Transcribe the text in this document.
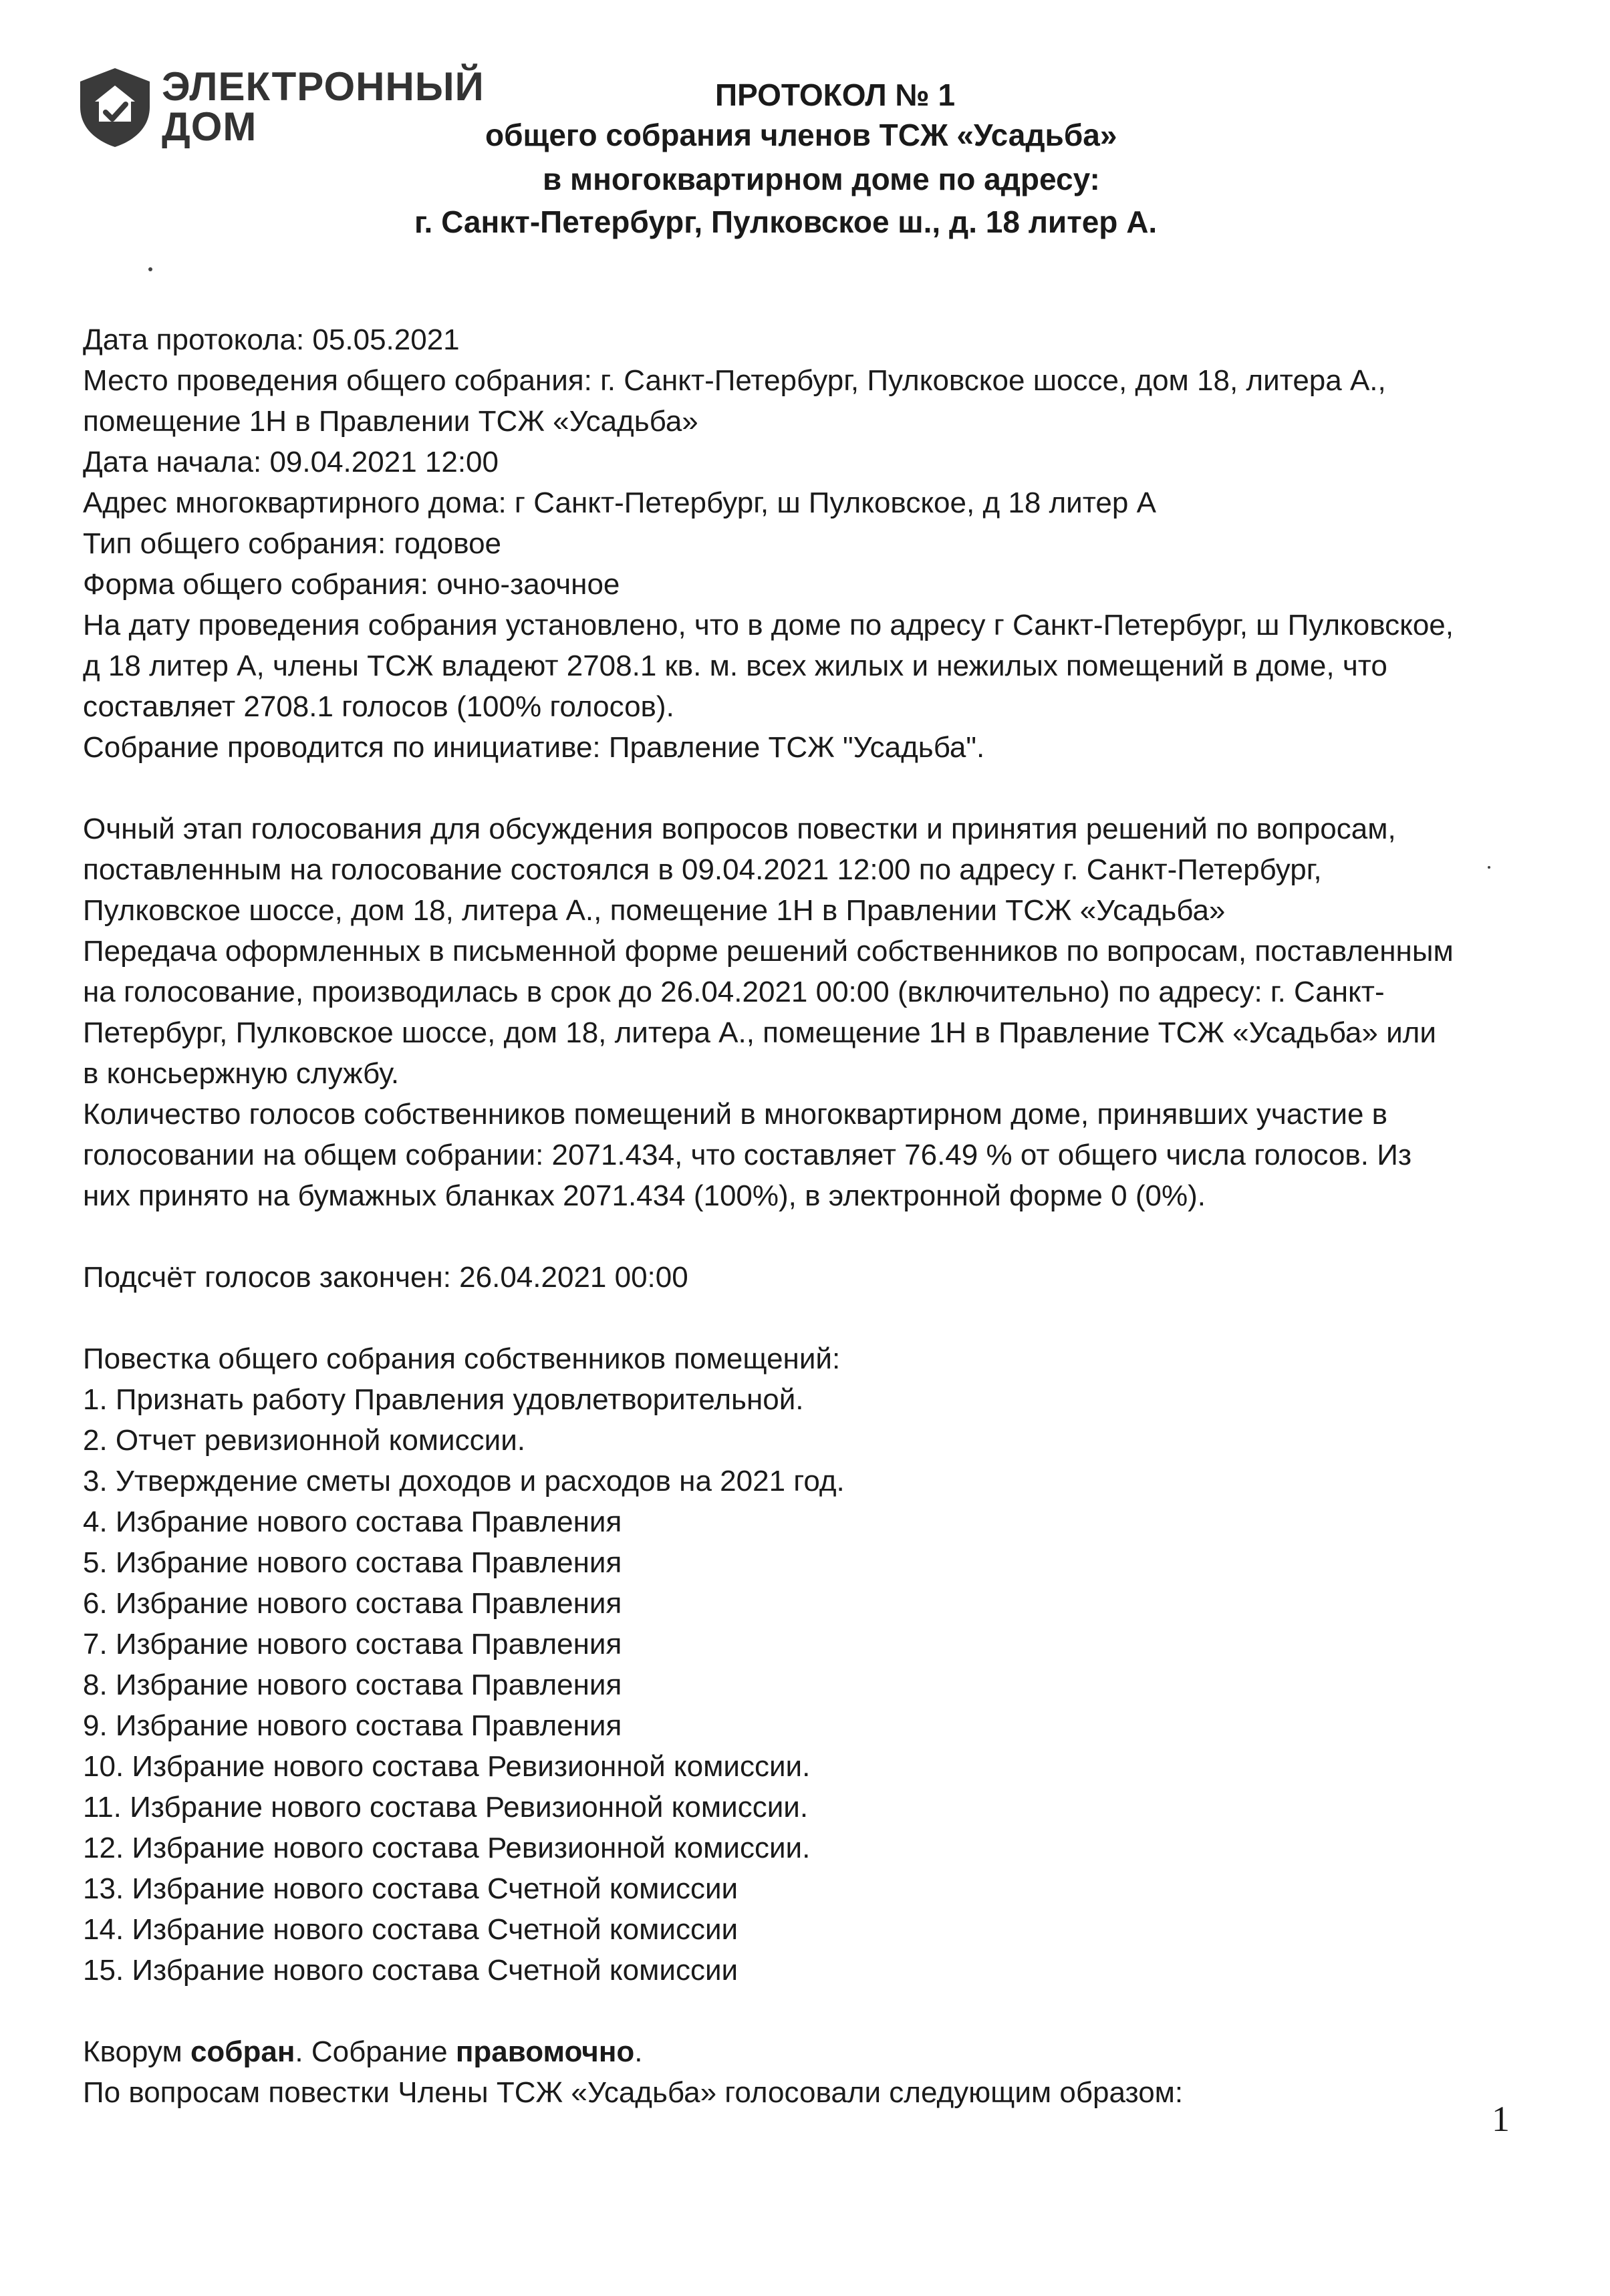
ЭЛЕКТРОННЫЙ
ДОМ
ПРОТОКОЛ № 1
общего собрания членов ТСЖ «Усадьба»
в многоквартирном доме по адресу:
г. Санкт-Петербург, Пулковское ш., д. 18 литер А.

Дата протокола: 05.05.2021

Место проведения общего собрания: г. Санкт-Петербург, Пулковское шоссе, дом 18, литера А.,

помещение 1Н в Правлении ТСЖ «Усадьба»

Дата начала: 09.04.2021 12:00

Адрес многоквартирного дома: г Санкт-Петербург, ш Пулковское, д 18 литер А

Тип общего собрания: годовое

Форма общего собрания: очно-заочное

На дату проведения собрания установлено, что в доме по адресу г Санкт-Петербург, ш Пулковское,

д 18 литер А, члены ТСЖ владеют 2708.1 кв. м. всех жилых и нежилых помещений в доме, что

составляет 2708.1 голосов (100% голосов).

Собрание проводится по инициативе: Правление ТСЖ "Усадьба".

Очный этап голосования для обсуждения вопросов повестки и принятия решений по вопросам,

поставленным на голосование состоялся в 09.04.2021 12:00 по адресу г. Санкт-Петербург,

Пулковское шоссе, дом 18, литера А., помещение 1Н в Правлении ТСЖ «Усадьба»

Передача оформленных в письменной форме решений собственников по вопросам, поставленным

на голосование, производилась в срок до 26.04.2021 00:00 (включительно) по адресу: г. Санкт-

Петербург, Пулковское шоссе, дом 18, литера А., помещение 1Н в Правление ТСЖ «Усадьба» или

в консьержную службу.

Количество голосов собственников помещений в многоквартирном доме, принявших участие в

голосовании на общем собрании: 2071.434, что составляет 76.49 % от общего числа голосов. Из

них принято на бумажных бланках 2071.434 (100%), в электронной форме 0 (0%).

Подсчёт голосов закончен: 26.04.2021 00:00

Повестка общего собрания собственников помещений:

1. Признать работу Правления удовлетворительной.

2. Отчет ревизионной комиссии.

3. Утверждение сметы доходов и расходов на 2021 год.

4. Избрание нового состава Правления

5. Избрание нового состава Правления

6. Избрание нового состава Правления

7. Избрание нового состава Правления

8. Избрание нового состава Правления

9. Избрание нового состава Правления

10. Избрание нового состава Ревизионной комиссии.

11. Избрание нового состава Ревизионной комиссии.

12. Избрание нового состава Ревизионной комиссии.

13. Избрание нового состава Счетной комиссии

14. Избрание нового состава Счетной комиссии

15. Избрание нового состава Счетной комиссии

Кворум собран. Собрание правомочно.

По вопросам повестки Члены ТСЖ «Усадьба» голосовали следующим образом:

1
